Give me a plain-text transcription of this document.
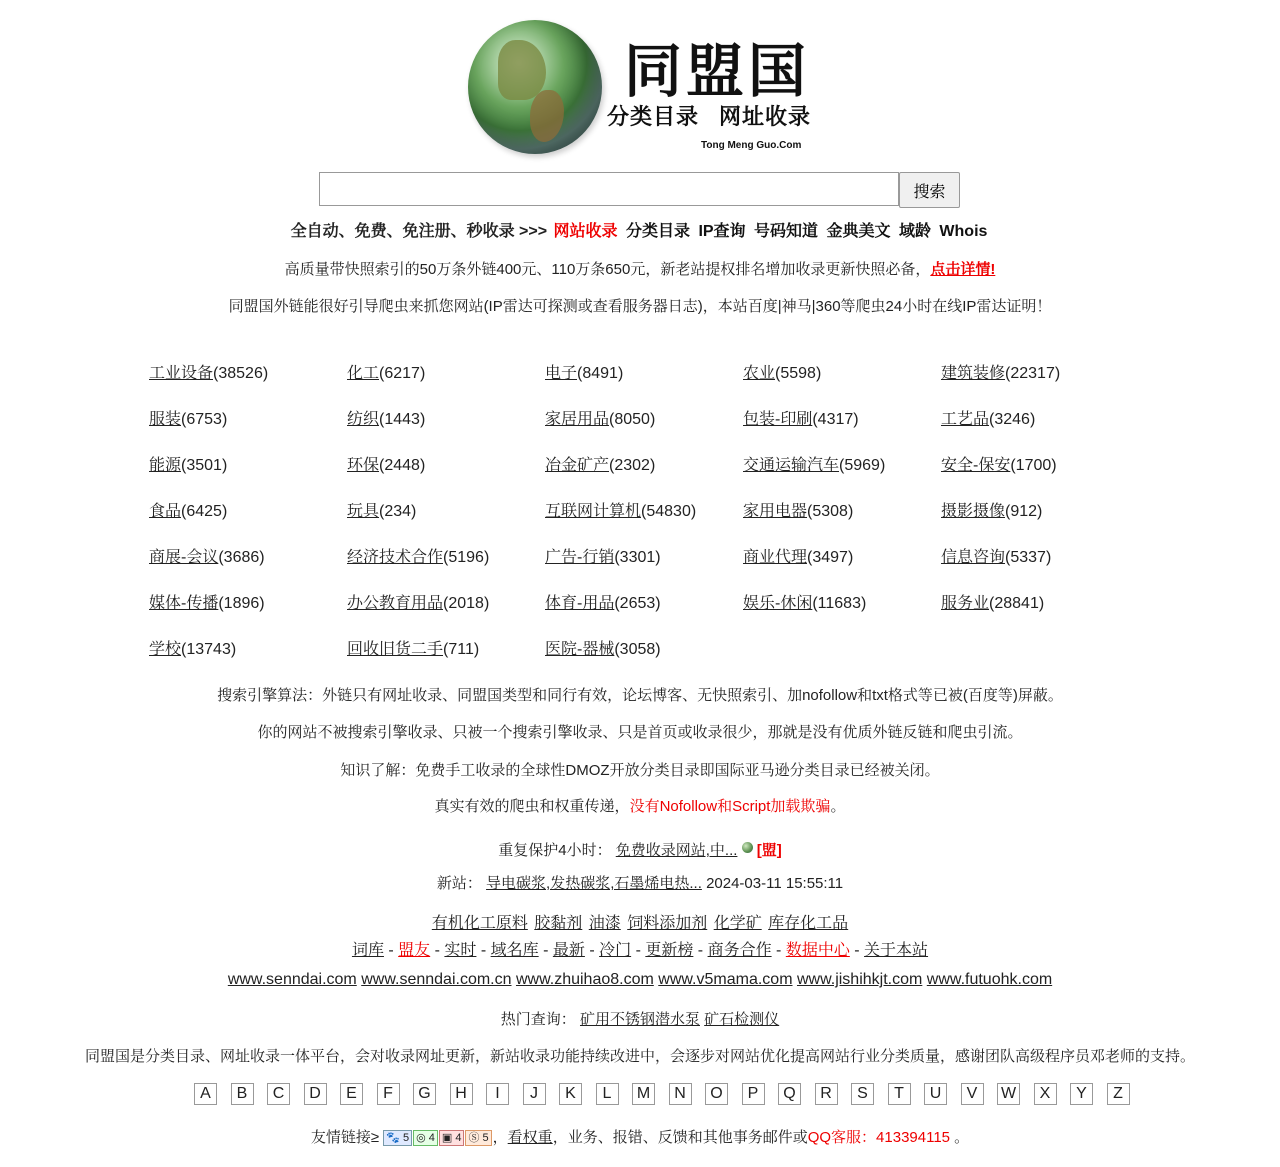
同盟国
分类目录 网址收录
Tong Meng Guo.Com
搜索
全自动、免费、免注册、秒收录 >>> 网站收录 分类目录 IP查询 号码知道 金典美文 域龄 Whois
高质量带快照索引的50万条外链400元、110万条650元，新老站提权排名增加收录更新快照必备，点击详情!
同盟国外链能很好引导爬虫来抓您网站(IP雷达可探测或查看服务器日志)，本站百度|神马|360等爬虫24小时在线IP雷达证明！
工业设备(38526)	化工(6217)	电子(8491)	农业(5598)	建筑装修(22317)
服装(6753)	纺织(1443)	家居用品(8050)	包装-印刷(4317)	工艺品(3246)
能源(3501)	环保(2448)	冶金矿产(2302)	交通运输汽车(5969)	安全-保安(1700)
食品(6425)	玩具(234)	互联网计算机(54830)	家用电器(5308)	摄影摄像(912)
商展-会议(3686)	经济技术合作(5196)	广告-行销(3301)	商业代理(3497)	信息咨询(5337)
媒体-传播(1896)	办公教育用品(2018)	体育-用品(2653)	娱乐-休闲(11683)	服务业(28841)
学校(13743)	回收旧货二手(711)	医院-器械(3058)
搜索引擎算法：外链只有网址收录、同盟国类型和同行有效，论坛博客、无快照索引、加nofollow和txt格式等已被(百度等)屏蔽。
你的网站不被搜索引擎收录、只被一个搜索引擎收录、只是首页或收录很少，那就是没有优质外链反链和爬虫引流。
知识了解：免费手工收录的全球性DMOZ开放分类目录即国际亚马逊分类目录已经被关闭。
真实有效的爬虫和权重传递，没有Nofollow和Script加载欺骗。
重复保护4小时： 免费收录网站,中... [盟]
新站： 导电碳浆,发热碳浆,石墨烯电热... 2024-03-11 15:55:11
有机化工原料 胶黏剂 油漆 饲料添加剂 化学矿 库存化工品
词库 - 盟友 - 实时 - 域名库 - 最新 - 冷门 - 更新榜 - 商务合作 - 数据中心 - 关于本站
www.senndai.com www.senndai.com.cn www.zhuihao8.com www.v5mama.com www.jishihkjt.com www.futuohk.com
热门查询： 矿用不锈钢潜水泵 矿石检测仪
同盟国是分类目录、网址收录一体平台，会对收录网址更新，新站收录功能持续改进中，会逐步对网站优化提高网站行业分类质量，感谢团队高级程序员邓老师的支持。
A	B	C	D	E	F	G	H	I	J	K	L	M	N	O	P	Q	R	S	T	U	V	W	X	Y	Z
友情链接≥ 🐾 5 ◎ 4 ▣ 4 Ⓢ 5 ，看权重，业务、报错、反馈和其他事务邮件或QQ客服：413394115 。
